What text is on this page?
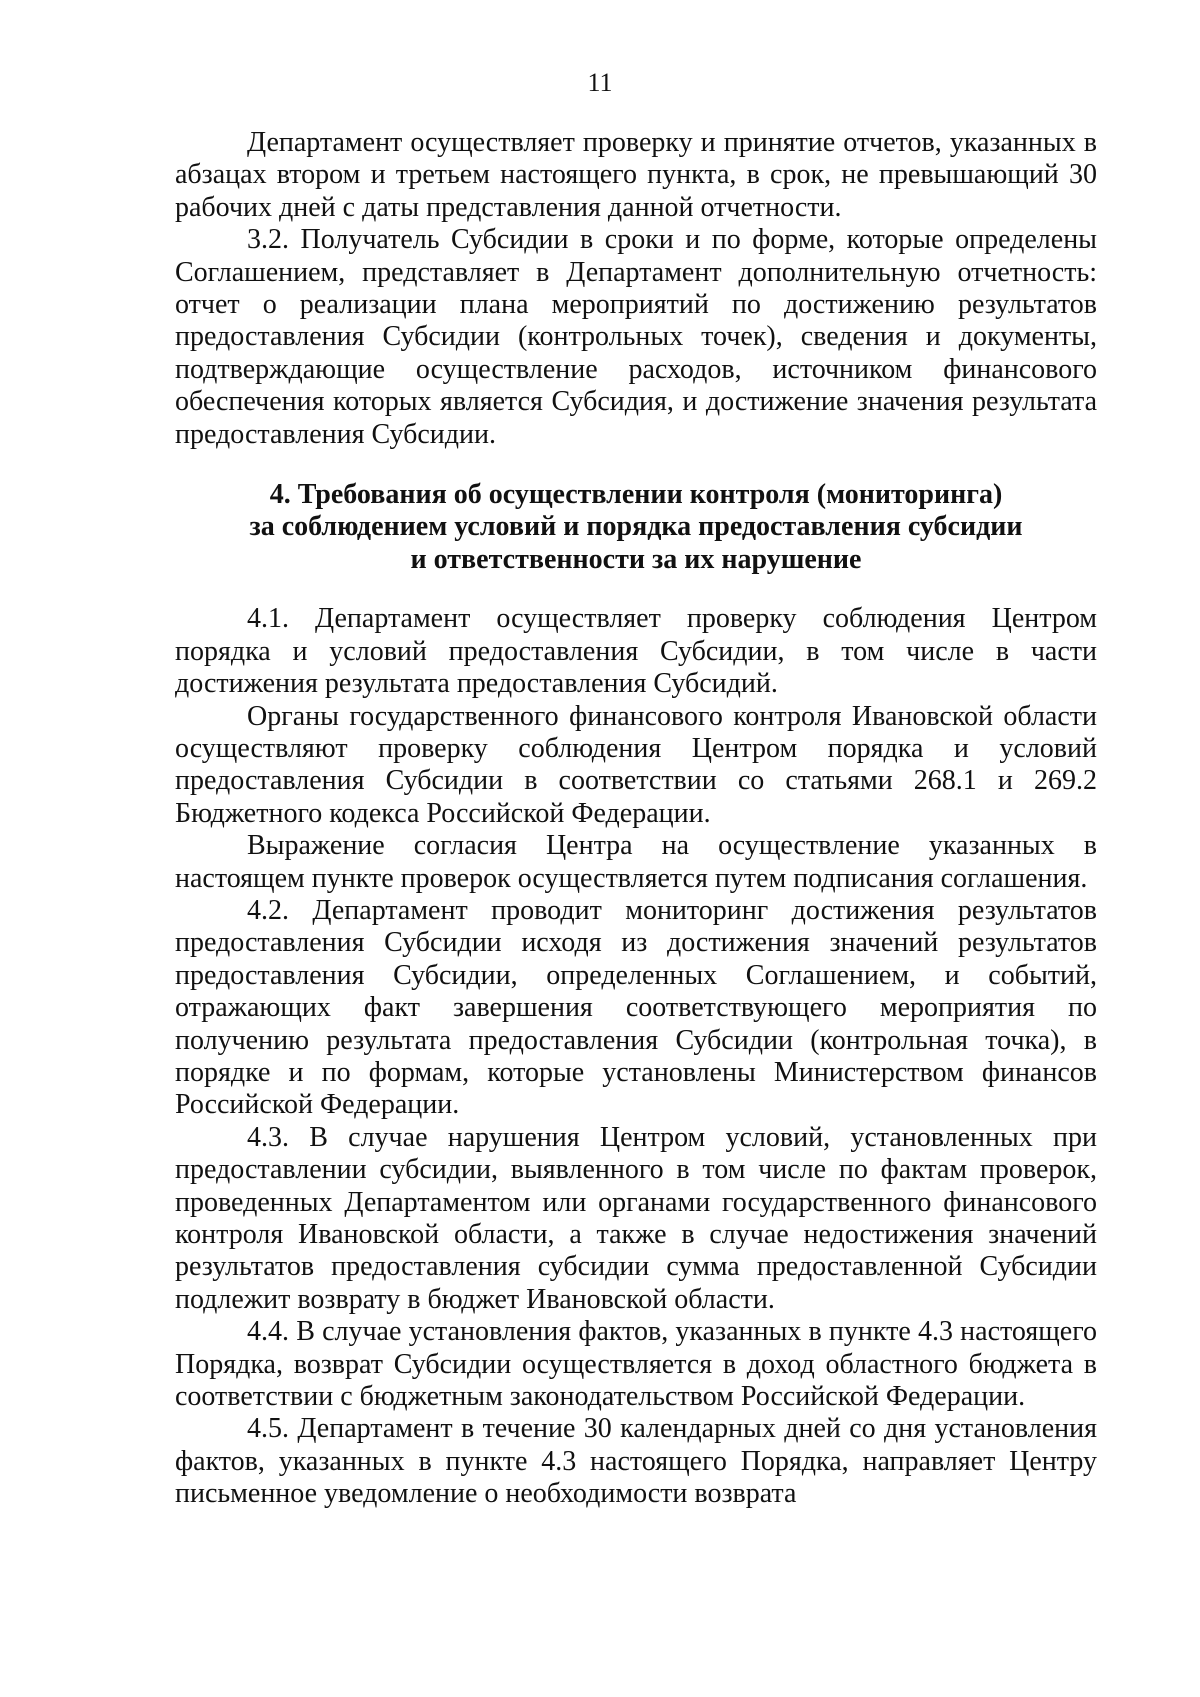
11

Департамент осуществляет проверку и принятие отчетов, указанных в абзацах втором и третьем настоящего пункта, в срок, не превышающий 30 рабочих дней с даты представления данной отчетности.

3.2. Получатель Субсидии в сроки и по форме, которые определены Соглашением, представляет в Департамент дополнительную отчетность: отчет о реализации плана мероприятий по достижению результатов предоставления Субсидии (контрольных точек), сведения и документы, подтверждающие осуществление расходов, источником финансового обеспечения которых является Субсидия, и достижение значения результата предоставления Субсидии.

4. Требования об осуществлении контроля (мониторинга)
за соблюдением условий и порядка предоставления субсидии
и ответственности за их нарушение

4.1. Департамент осуществляет проверку соблюдения Центром порядка и условий предоставления Субсидии, в том числе в части достижения результата предоставления Субсидий.

Органы государственного финансового контроля Ивановской области осуществляют проверку соблюдения Центром порядка и условий предоставления Субсидии в соответствии со статьями 268.1 и 269.2 Бюджетного кодекса Российской Федерации.

Выражение согласия Центра на осуществление указанных в настоящем пункте проверок осуществляется путем подписания соглашения.

4.2. Департамент проводит мониторинг достижения результатов предоставления Субсидии исходя из достижения значений результатов предоставления Субсидии, определенных Соглашением, и событий, отражающих факт завершения соответствующего мероприятия по получению результата предоставления Субсидии (контрольная точка), в порядке и по формам, которые установлены Министерством финансов Российской Федерации.

4.3. В случае нарушения Центром условий, установленных при предоставлении субсидии, выявленного в том числе по фактам проверок, проведенных Департаментом или органами государственного финансового контроля Ивановской области, а также в случае недостижения значений результатов предоставления субсидии сумма предоставленной Субсидии подлежит возврату в бюджет Ивановской области.

4.4. В случае установления фактов, указанных в пункте 4.3 настоящего Порядка, возврат Субсидии осуществляется в доход областного бюджета в соответствии с бюджетным законодательством Российской Федерации.

4.5. Департамент в течение 30 календарных дней со дня установления фактов, указанных в пункте 4.3 настоящего Порядка, направляет Центру письменное уведомление о необходимости возврата
